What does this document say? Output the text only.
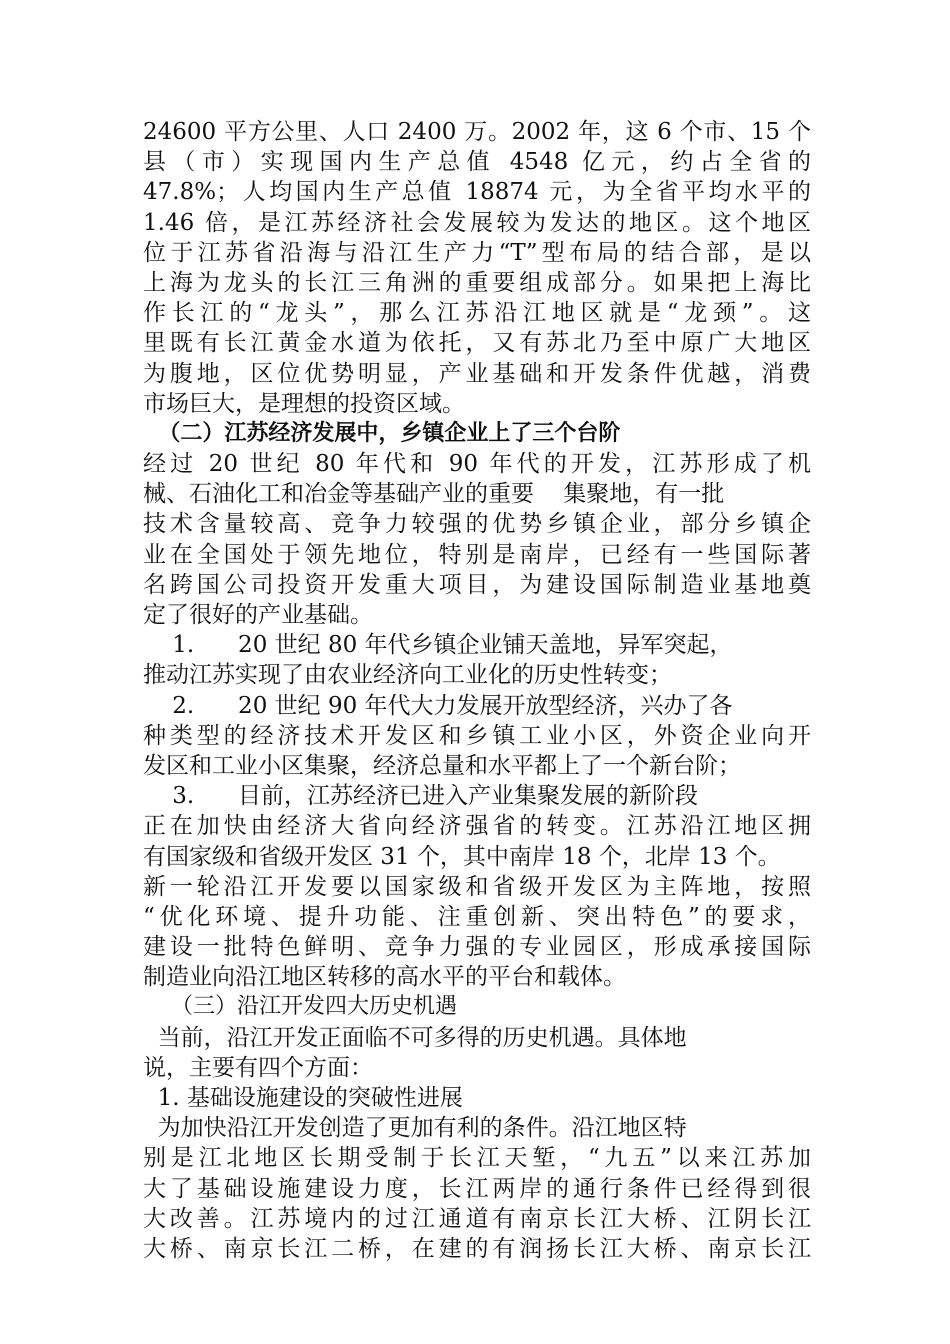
24600 平方公里、人口 2400 万。2002 年，这 6 个市、15 个
县（市）实现国内生产总值 4548 亿元，约占全省的
47.8%；人均国内生产总值 18874 元，为全省平均水平的
1.46 倍，是江苏经济社会发展较为发达的地区。这个地区
位于江苏省沿海与沿江生产力“T”型布局的结合部，是以
上海为龙头的长江三角洲的重要组成部分。如果把上海比
作长江的“龙头”，那么江苏沿江地区就是“龙颈”。这
里既有长江黄金水道为依托，又有苏北乃至中原广大地区
为腹地，区位优势明显，产业基础和开发条件优越，消费
市场巨大，是理想的投资区域。
（二）江苏经济发展中，乡镇企业上了三个台阶
经过 20 世纪 80 年代和 90 年代的开发，江苏形成了机
械、石油化工和冶金等基础产业的重要    集聚地，有一批
技术含量较高、竞争力较强的优势乡镇企业，部分乡镇企
业在全国处于领先地位，特别是南岸，已经有一些国际著
名跨国公司投资开发重大项目，为建设国际制造业基地奠
定了很好的产业基础。
1.      20 世纪 80 年代乡镇企业铺天盖地，异军突起，
推动江苏实现了由农业经济向工业化的历史性转变；
2.      20 世纪 90 年代大力发展开放型经济，兴办了各
种类型的经济技术开发区和乡镇工业小区，外资企业向开
发区和工业小区集聚，经济总量和水平都上了一个新台阶；
3.      目前，江苏经济已进入产业集聚发展的新阶段
正在加快由经济大省向经济强省的转变。江苏沿江地区拥
有国家级和省级开发区 31 个，其中南岸 18 个，北岸 13 个。
新一轮沿江开发要以国家级和省级开发区为主阵地，按照
“优化环境、提升功能、注重创新、突出特色”的要求，
建设一批特色鲜明、竞争力强的专业园区，形成承接国际
制造业向沿江地区转移的高水平的平台和载体。
（三）沿江开发四大历史机遇
当前，沿江开发正面临不可多得的历史机遇。具体地
说，主要有四个方面：
1. 基础设施建设的突破性进展
为加快沿江开发创造了更加有利的条件。沿江地区特
别是江北地区长期受制于长江天堑，“九五”以来江苏加
大了基础设施建设力度，长江两岸的通行条件已经得到很
大改善。江苏境内的过江通道有南京长江大桥、江阴长江
大桥、南京长江二桥，在建的有润扬长江大桥、南京长江
